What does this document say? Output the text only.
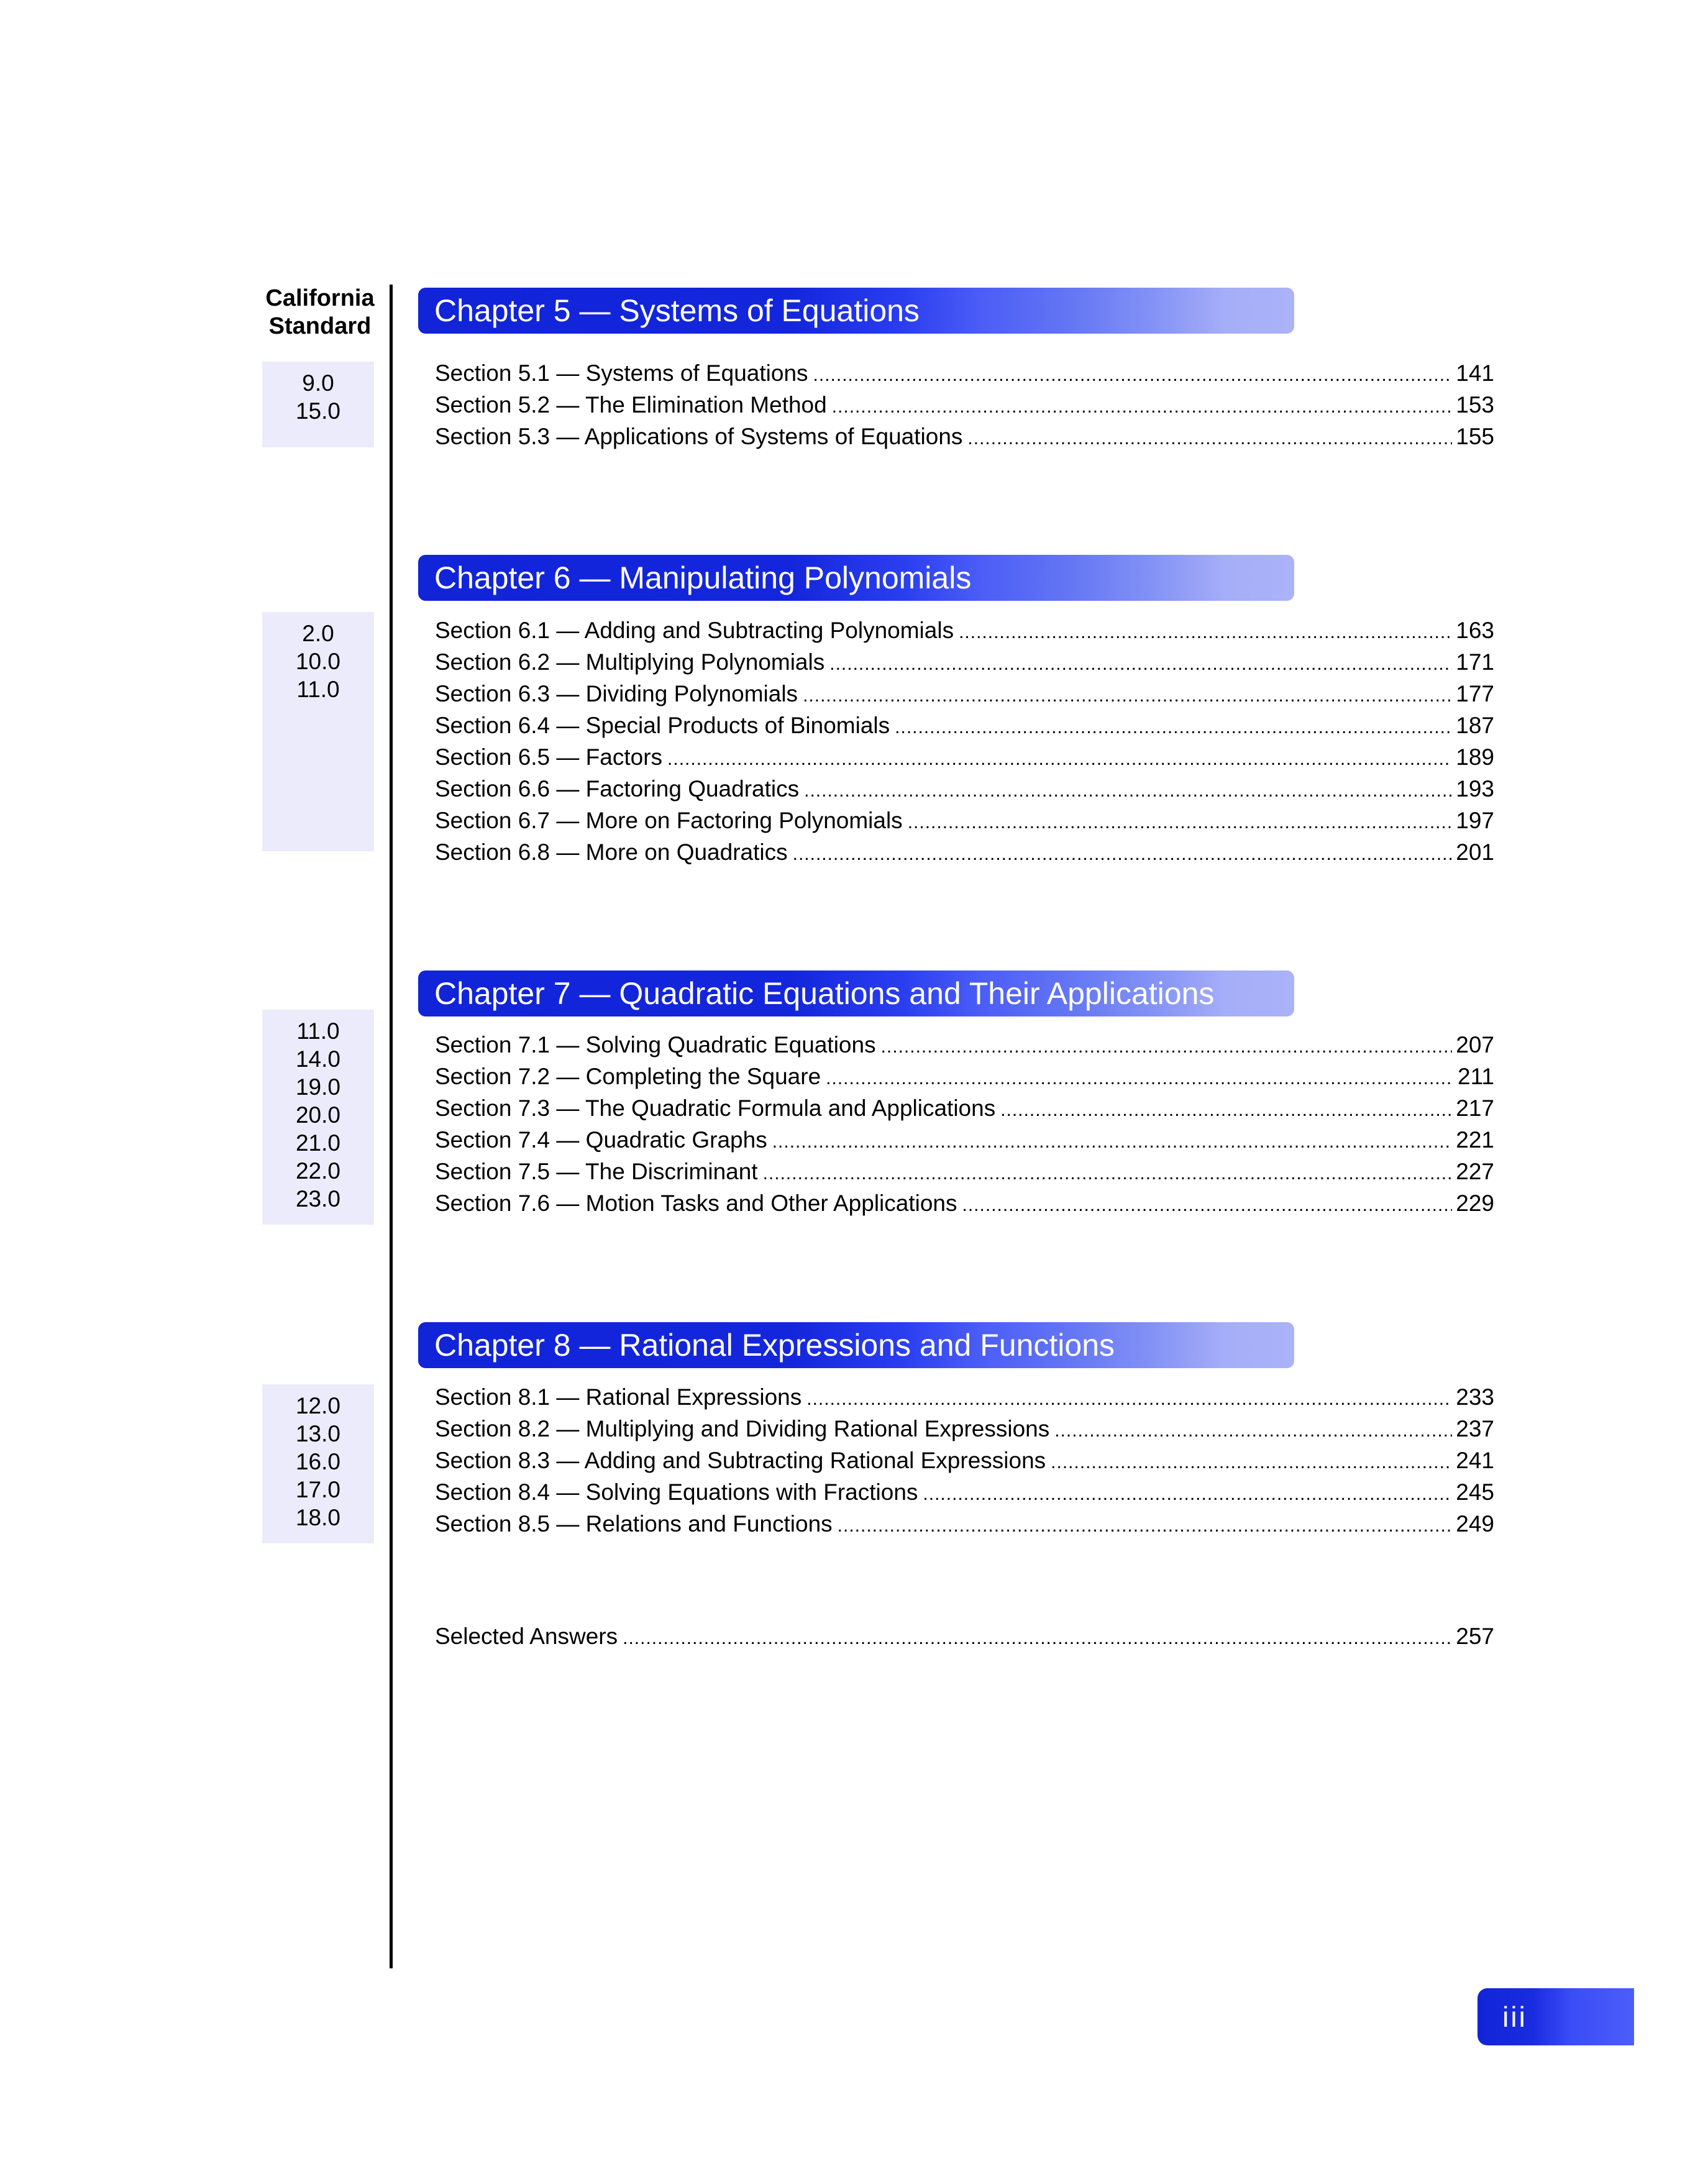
California
Standard
9.0
15.0
Chapter 5 — Systems of Equations
Section 5.1 — Systems of Equations .....	141
Section 5.2 — The Elimination Method .....	153
Section 5.3 — Applications of Systems of Equations .....	155
2.0
10.0
11.0
Chapter 6 — Manipulating Polynomials
Section 6.1 — Adding and Subtracting Polynomials .....	163
Section 6.2 — Multiplying Polynomials .....	171
Section 6.3 — Dividing Polynomials .....	177
Section 6.4 — Special Products of Binomials .....	187
Section 6.5 — Factors .....	189
Section 6.6 — Factoring Quadratics .....	193
Section 6.7 — More on Factoring Polynomials .....	197
Section 6.8 — More on Quadratics .....	201
11.0
14.0
19.0
20.0
21.0
22.0
23.0
Chapter 7 — Quadratic Equations and Their Applications
Section 7.1 — Solving Quadratic Equations .....	207
Section 7.2 — Completing the Square .....	211
Section 7.3 — The Quadratic Formula and Applications .....	217
Section 7.4 — Quadratic Graphs .....	221
Section 7.5 — The Discriminant .....	227
Section 7.6 — Motion Tasks and Other Applications .....	229
12.0
13.0
16.0
17.0
18.0
Chapter 8 — Rational Expressions and Functions
Section 8.1 — Rational Expressions .....	233
Section 8.2 — Multiplying and Dividing Rational Expressions .....	237
Section 8.3 — Adding and Subtracting Rational Expressions .....	241
Section 8.4 — Solving Equations with Fractions .....	245
Section 8.5 — Relations and Functions .....	249
Selected Answers .....	257
iii
